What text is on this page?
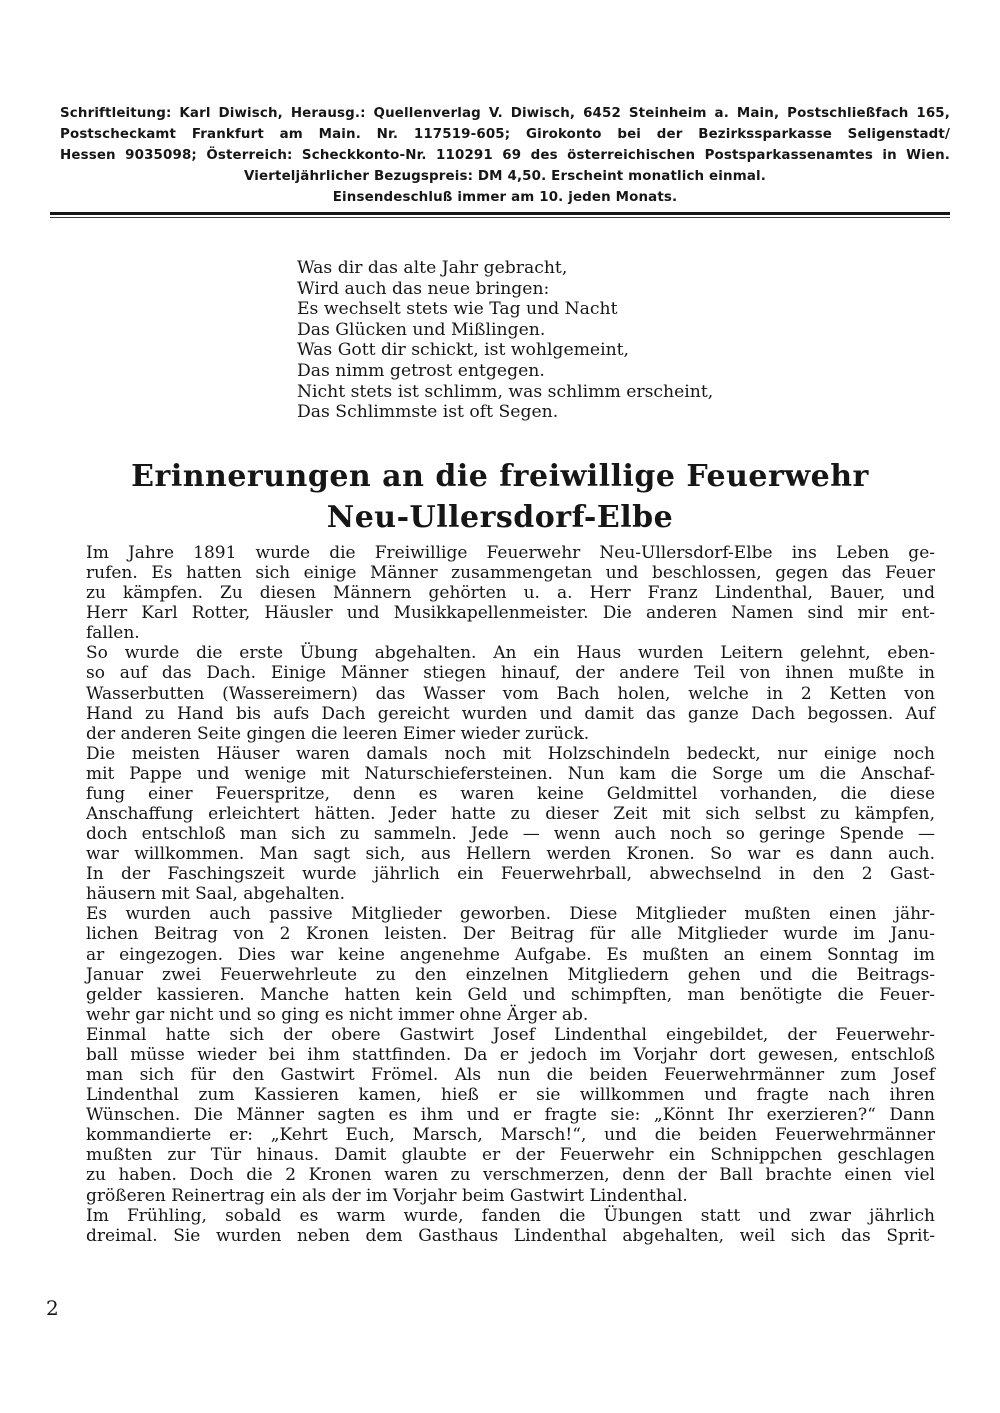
Schriftleitung: Karl Diwisch, Herausg.: Quellenverlag V. Diwisch, 6452 Steinheim a. Main, Postschließfach 165,
Postscheckamt Frankfurt am Main. Nr. 117519-605; Girokonto bei der Bezirkssparkasse Seligenstadt/
Hessen 9035098; Österreich: Scheckkonto-Nr. 110291 69 des österreichischen Postsparkassenamtes in Wien.
Vierteljährlicher Bezugspreis: DM 4,50. Erscheint monatlich einmal.
Einsendeschluß immer am 10. jeden Monats.
Was dir das alte Jahr gebracht,
Wird auch das neue bringen:
Es wechselt stets wie Tag und Nacht
Das Glücken und Mißlingen.
Was Gott dir schickt, ist wohlgemeint,
Das nimm getrost entgegen.
Nicht stets ist schlimm, was schlimm erscheint,
Das Schlimmste ist oft Segen.
Erinnerungen an die freiwillige Feuerwehr
Neu-Ullersdorf-Elbe
Im Jahre 1891 wurde die Freiwillige Feuerwehr Neu-Ullersdorf-Elbe ins Leben ge-
rufen. Es hatten sich einige Männer zusammengetan und beschlossen, gegen das Feuer
zu kämpfen. Zu diesen Männern gehörten u. a. Herr Franz Lindenthal, Bauer, und
Herr Karl Rotter, Häusler und Musikkapellenmeister. Die anderen Namen sind mir ent-
fallen.
So wurde die erste Übung abgehalten. An ein Haus wurden Leitern gelehnt, eben-
so auf das Dach. Einige Männer stiegen hinauf, der andere Teil von ihnen mußte in
Wasserbutten (Wassereimern) das Wasser vom Bach holen, welche in 2 Ketten von
Hand zu Hand bis aufs Dach gereicht wurden und damit das ganze Dach begossen. Auf
der anderen Seite gingen die leeren Eimer wieder zurück.
Die meisten Häuser waren damals noch mit Holzschindeln bedeckt, nur einige noch
mit Pappe und wenige mit Naturschiefersteinen. Nun kam die Sorge um die Anschaf-
fung einer Feuerspritze, denn es waren keine Geldmittel vorhanden, die diese
Anschaffung erleichtert hätten. Jeder hatte zu dieser Zeit mit sich selbst zu kämpfen,
doch entschloß man sich zu sammeln. Jede — wenn auch noch so geringe Spende —
war willkommen. Man sagt sich, aus Hellern werden Kronen. So war es dann auch.
In der Faschingszeit wurde jährlich ein Feuerwehrball, abwechselnd in den 2 Gast-
häusern mit Saal, abgehalten.
Es wurden auch passive Mitglieder geworben. Diese Mitglieder mußten einen jähr-
lichen Beitrag von 2 Kronen leisten. Der Beitrag für alle Mitglieder wurde im Janu-
ar eingezogen. Dies war keine angenehme Aufgabe. Es mußten an einem Sonntag im
Januar zwei Feuerwehrleute zu den einzelnen Mitgliedern gehen und die Beitrags-
gelder kassieren. Manche hatten kein Geld und schimpften, man benötigte die Feuer-
wehr gar nicht und so ging es nicht immer ohne Ärger ab.
Einmal hatte sich der obere Gastwirt Josef Lindenthal eingebildet, der Feuerwehr-
ball müsse wieder bei ihm stattfinden. Da er jedoch im Vorjahr dort gewesen, entschloß
man sich für den Gastwirt Frömel. Als nun die beiden Feuerwehrmänner zum Josef
Lindenthal zum Kassieren kamen, hieß er sie willkommen und fragte nach ihren
Wünschen. Die Männer sagten es ihm und er fragte sie: „Könnt Ihr exerzieren?“ Dann
kommandierte er: „Kehrt Euch, Marsch, Marsch!“, und die beiden Feuerwehrmänner
mußten zur Tür hinaus. Damit glaubte er der Feuerwehr ein Schnippchen geschlagen
zu haben. Doch die 2 Kronen waren zu verschmerzen, denn der Ball brachte einen viel
größeren Reinertrag ein als der im Vorjahr beim Gastwirt Lindenthal.
Im Frühling, sobald es warm wurde, fanden die Übungen statt und zwar jährlich
dreimal. Sie wurden neben dem Gasthaus Lindenthal abgehalten, weil sich das Sprit-
2
